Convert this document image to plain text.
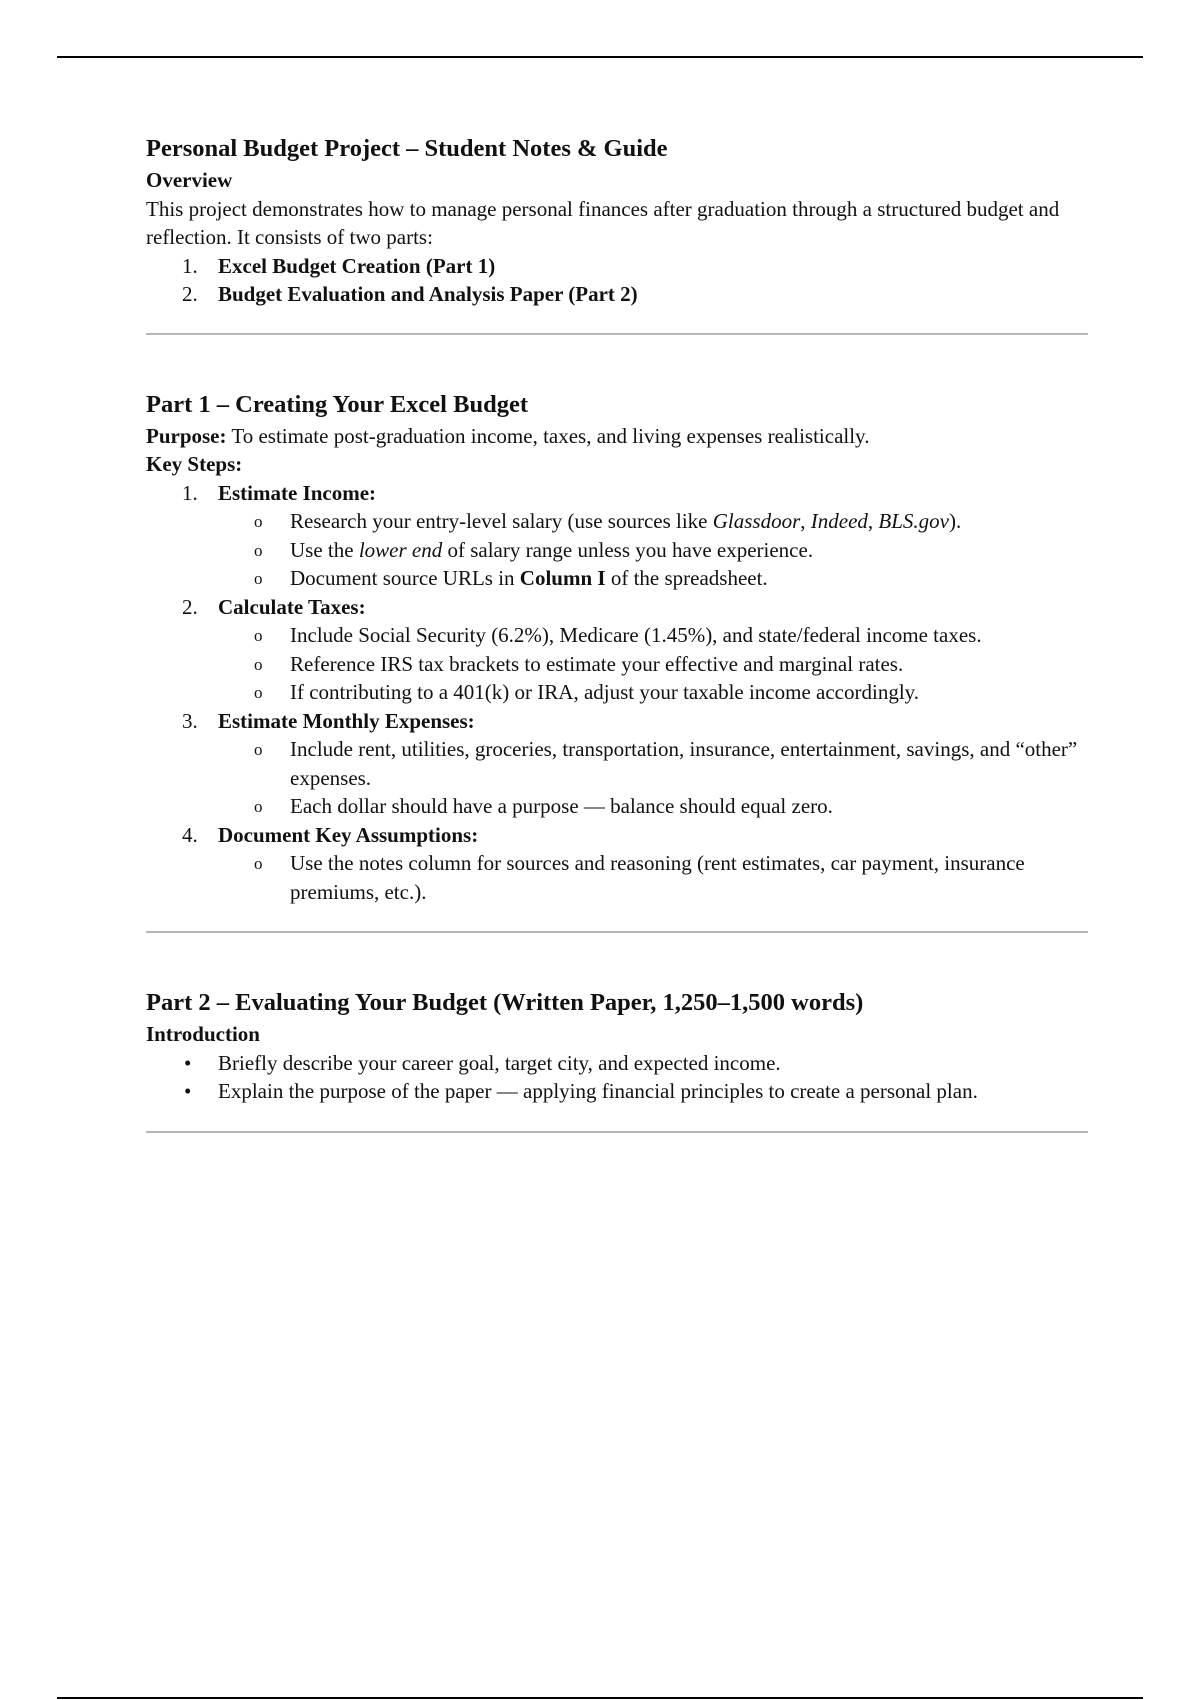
Personal Budget Project – Student Notes & Guide

Overview

This project demonstrates how to manage personal finances after graduation through a structured budget and reflection. It consists of two parts:

1. Excel Budget Creation (Part 1)
2. Budget Evaluation and Analysis Paper (Part 2)

Part 1 – Creating Your Excel Budget

Purpose: To estimate post-graduation income, taxes, and living expenses realistically.

Key Steps:

1. Estimate Income:
o Research your entry-level salary (use sources like Glassdoor, Indeed, BLS.gov).
o Use the lower end of salary range unless you have experience.
o Document source URLs in Column I of the spreadsheet.
2. Calculate Taxes:
o Include Social Security (6.2%), Medicare (1.45%), and state/federal income taxes.
o Reference IRS tax brackets to estimate your effective and marginal rates.
o If contributing to a 401(k) or IRA, adjust your taxable income accordingly.
3. Estimate Monthly Expenses:
o Include rent, utilities, groceries, transportation, insurance, entertainment, savings, and “other” expenses.
o Each dollar should have a purpose — balance should equal zero.
4. Document Key Assumptions:
o Use the notes column for sources and reasoning (rent estimates, car payment, insurance premiums, etc.).

Part 2 – Evaluating Your Budget (Written Paper, 1,250–1,500 words)

Introduction

• Briefly describe your career goal, target city, and expected income.
• Explain the purpose of the paper — applying financial principles to create a personal plan.
